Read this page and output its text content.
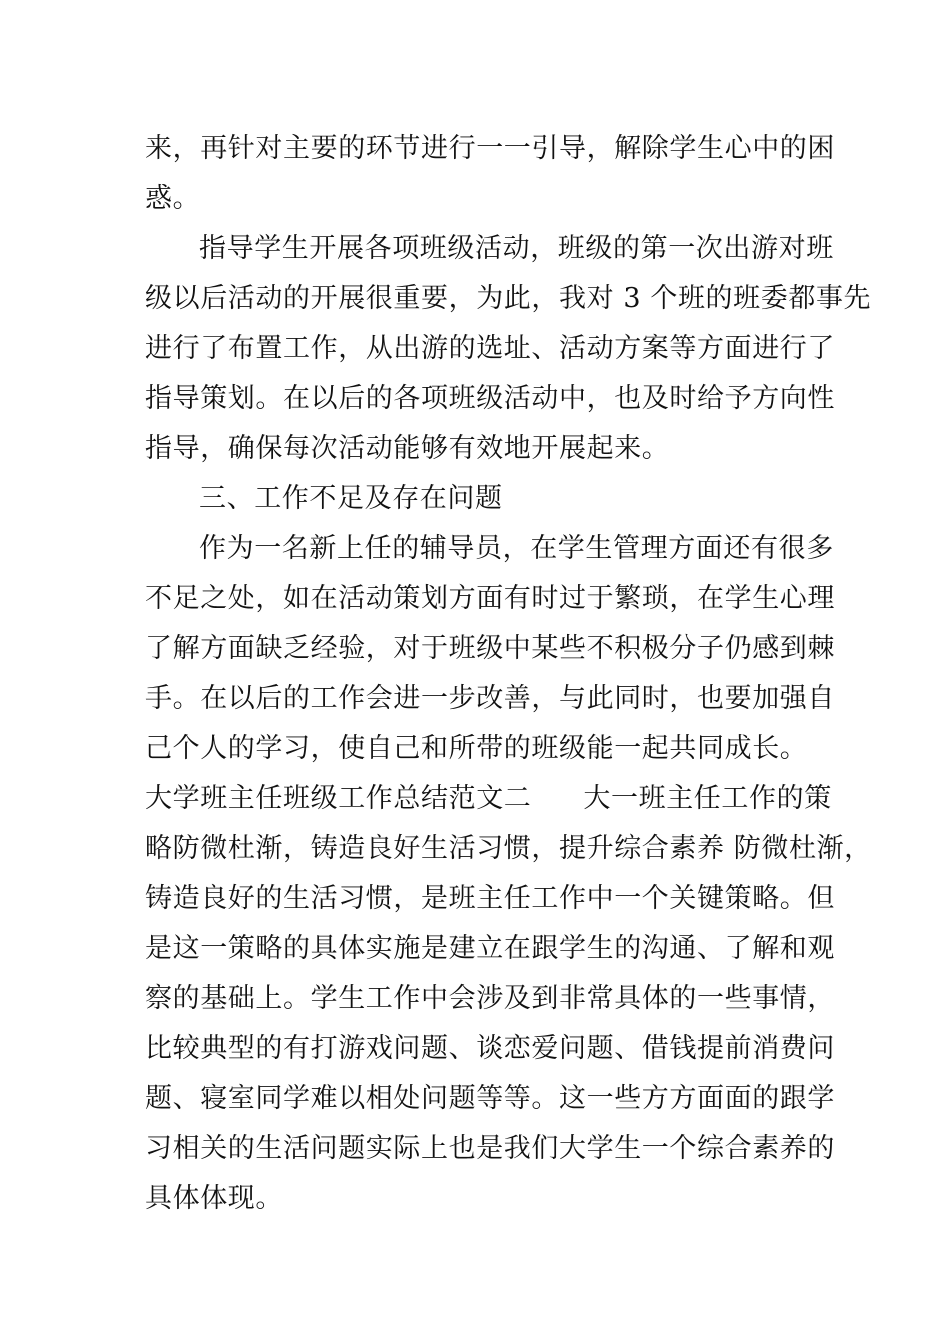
来，再针对主要的环节进行一一引导，解除学生心中的困
惑。
指导学生开展各项班级活动，班级的第一次出游对班
级以后活动的开展很重要，为此，我对 3 个班的班委都事先
进行了布置工作，从出游的选址、活动方案等方面进行了
指导策划。在以后的各项班级活动中，也及时给予方向性
指导，确保每次活动能够有效地开展起来。
三、工作不足及存在问题
作为一名新上任的辅导员，在学生管理方面还有很多
不足之处，如在活动策划方面有时过于繁琐，在学生心理
了解方面缺乏经验，对于班级中某些不积极分子仍感到棘
手。在以后的工作会进一步改善，与此同时，也要加强自
己个人的学习，使自己和所带的班级能一起共同成长。
大学班主任班级工作总结范文二 大一班主任工作的策
略防微杜渐，铸造良好生活习惯，提升综合素养 防微杜渐，
铸造良好的生活习惯，是班主任工作中一个关键策略。但
是这一策略的具体实施是建立在跟学生的沟通、了解和观
察的基础上。学生工作中会涉及到非常具体的一些事情，
比较典型的有打游戏问题、谈恋爱问题、借钱提前消费问
题、寝室同学难以相处问题等等。这一些方方面面的跟学
习相关的生活问题实际上也是我们大学生一个综合素养的
具体体现。
